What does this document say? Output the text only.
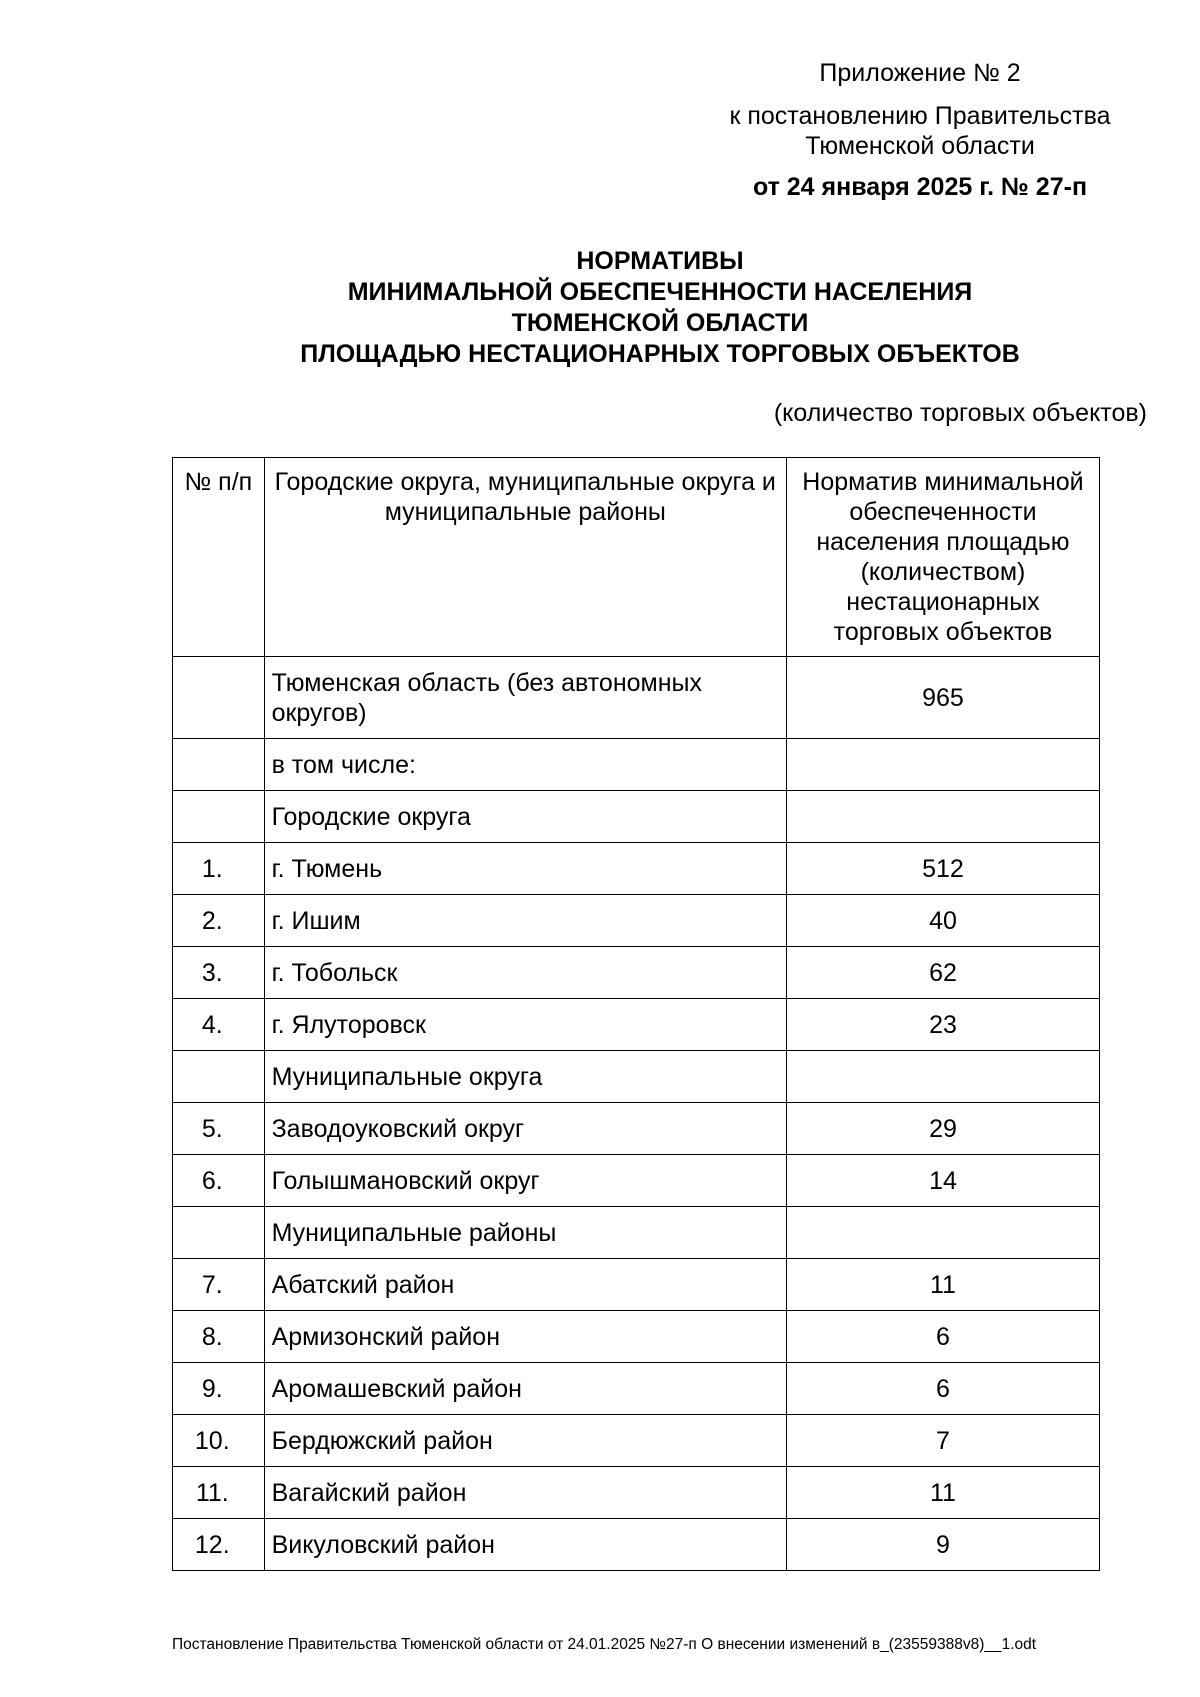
Приложение № 2
к постановлению Правительства
Тюменской области
от 24 января 2025 г. № 27-п
НОРМАТИВЫ
МИНИМАЛЬНОЙ ОБЕСПЕЧЕННОСТИ НАСЕЛЕНИЯ
ТЮМЕНСКОЙ ОБЛАСТИ
ПЛОЩАДЬЮ НЕСТАЦИОНАРНЫХ ТОРГОВЫХ ОБЪЕКТОВ
(количество торговых объектов)
№ п/п	Городские округа, муниципальные округа и муниципальные районы	Норматив минимальной обеспеченности населения площадью (количеством) нестационарных торговых объектов
	Тюменская область (без автономных округов)	965
	в том числе:	
	Городские округа	
1.	г. Тюмень	512
2.	г. Ишим	40
3.	г. Тобольск	62
4.	г. Ялуторовск	23
	Муниципальные округа	
5.	Заводоуковский округ	29
6.	Голышмановский округ	14
	Муниципальные районы	
7.	Абатский район	11
8.	Армизонский район	6
9.	Аромашевский район	6
10.	Бердюжский район	7
11.	Вагайский район	11
12.	Викуловский район	9
Постановление Правительства Тюменской области от 24.01.2025 №27-п О внесении изменений в_(23559388v8)__1.odt
